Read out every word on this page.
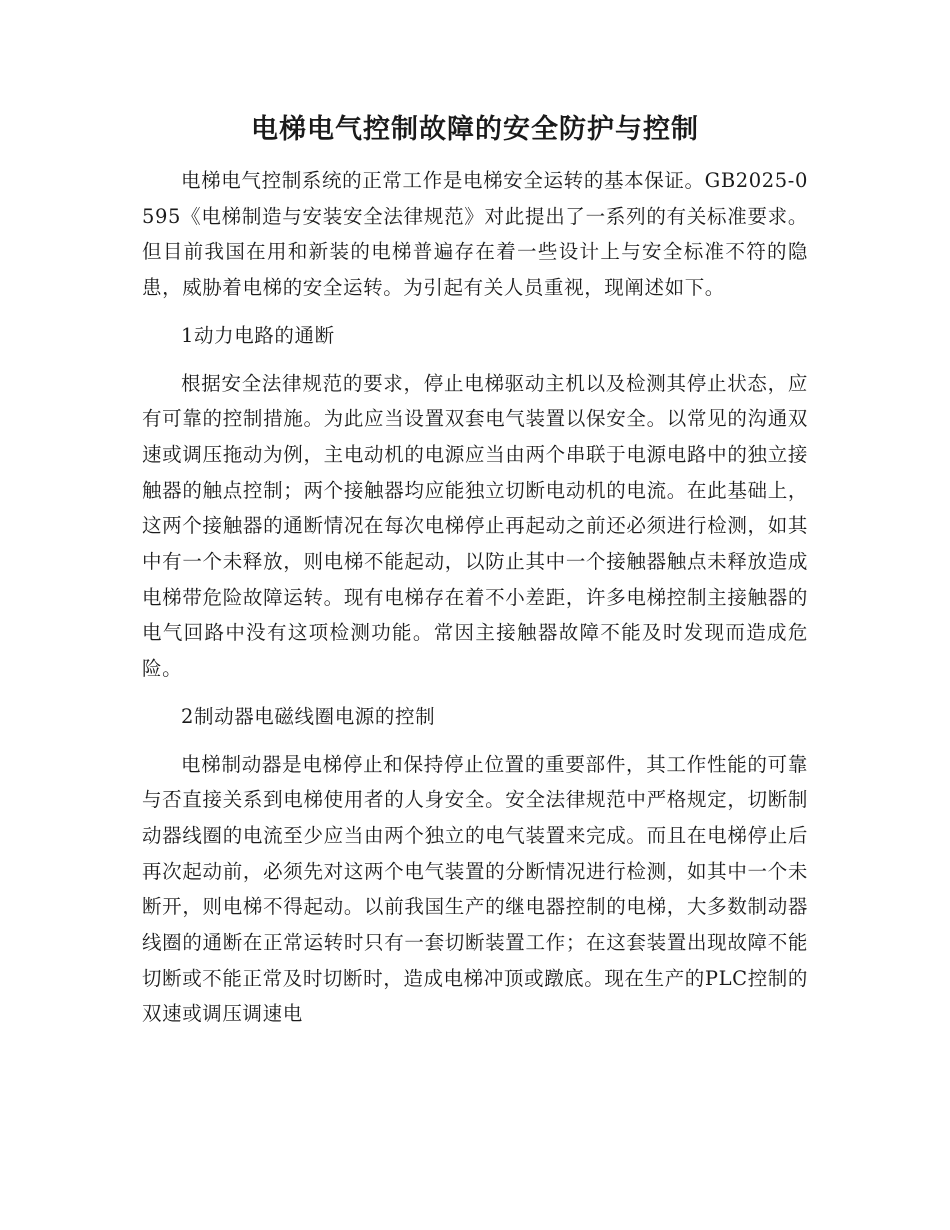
电梯电气控制故障的安全防护与控制

电梯电气控制系统的正常工作是电梯安全运转的基本保证。GB2025-0595《电梯制造与安装安全法律规范》对此提出了一系列的有关标准要求。但目前我国在用和新装的电梯普遍存在着一些设计上与安全标准不符的隐患，威胁着电梯的安全运转。为引起有关人员重视，现阐述如下。

1动力电路的通断

根据安全法律规范的要求，停止电梯驱动主机以及检测其停止状态，应有可靠的控制措施。为此应当设置双套电气装置以保安全。以常见的沟通双速或调压拖动为例，主电动机的电源应当由两个串联于电源电路中的独立接触器的触点控制；两个接触器均应能独立切断电动机的电流。在此基础上，这两个接触器的通断情况在每次电梯停止再起动之前还必须进行检测，如其中有一个未释放，则电梯不能起动，以防止其中一个接触器触点未释放造成电梯带危险故障运转。现有电梯存在着不小差距，许多电梯控制主接触器的电气回路中没有这项检测功能。常因主接触器故障不能及时发现而造成危险。

2制动器电磁线圈电源的控制

电梯制动器是电梯停止和保持停止位置的重要部件，其工作性能的可靠与否直接关系到电梯使用者的人身安全。安全法律规范中严格规定，切断制动器线圈的电流至少应当由两个独立的电气装置来完成。而且在电梯停止后再次起动前，必须先对这两个电气装置的分断情况进行检测，如其中一个未断开，则电梯不得起动。以前我国生产的继电器控制的电梯，大多数制动器线圈的通断在正常运转时只有一套切断装置工作；在这套装置出现故障不能切断或不能正常及时切断时，造成电梯冲顶或蹾底。现在生产的PLC控制的双速或调压调速电
